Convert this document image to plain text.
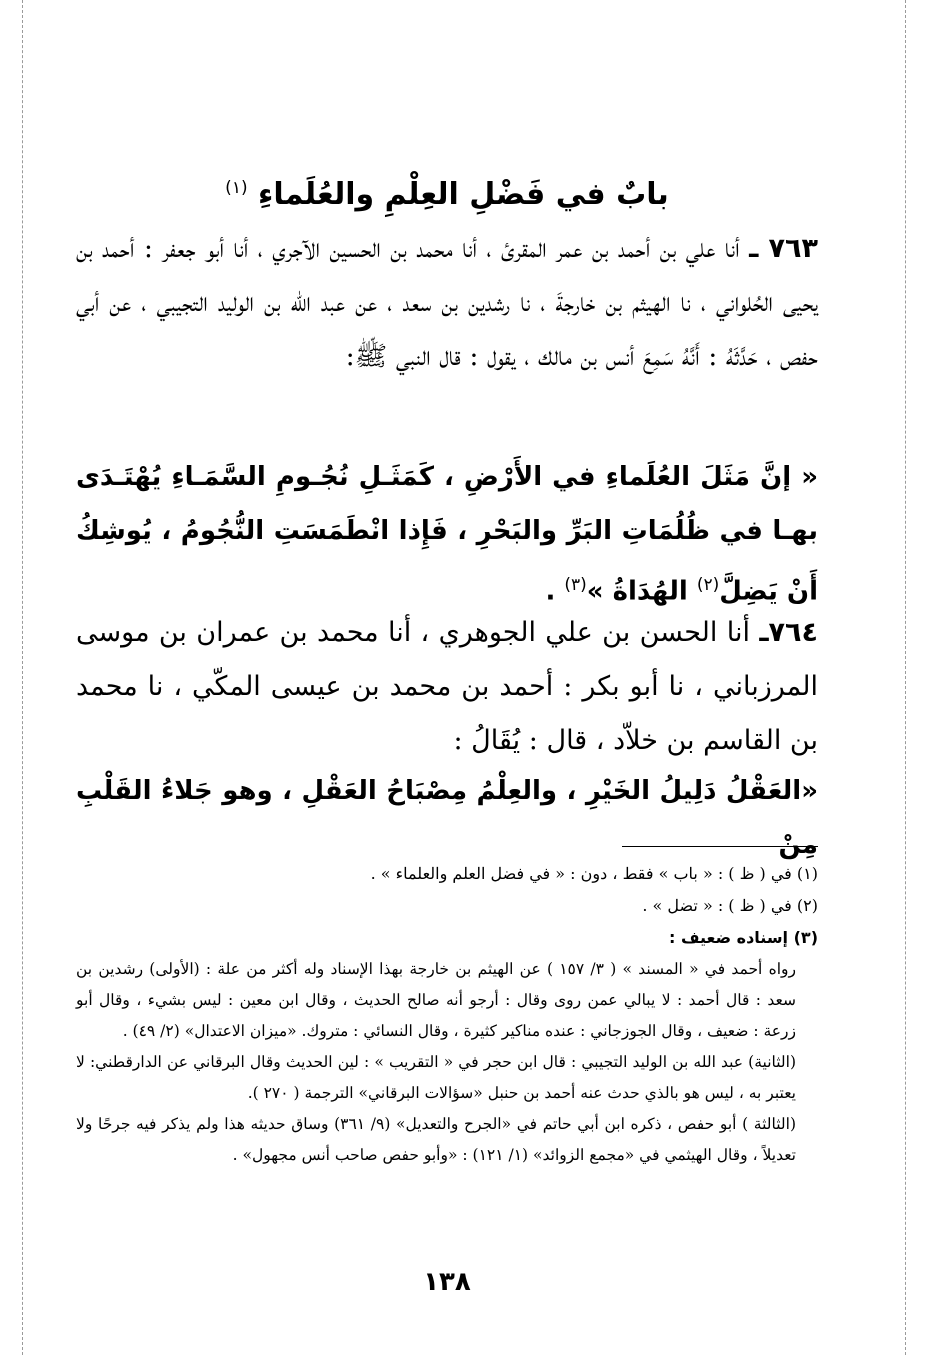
بابٌ في فَضْلِ العِلْمِ والعُلَماءِ $^{(١)}$
٧٦٣ ـ أنا علي بن أحمد بن عمر المقرئ ، أنا محمد بن الحسين الآجري ، أنا أبو جعفر : أحمد بن يحيى الحُلواني ، نا الهيثم بن خارجةَ ، نا رشدين بن سعد ، عن عبد الله بن الوليد التجيبي ، عن أبي حفص ، حَدَّثَهُ : أَنَّهُ سَمِعَ أنس بن مالك ، يقول : قال النبي ﷺ:
« إنَّ مَثَلَ العُلَماءِ في الأَرْضِ ، كَمَثَـلِ نُجُـومِ السَّمَـاءِ يُهْتَـدَى بهـا في ظُلُمَاتِ البَرِّ والبَحْرِ ، فَإِذا انْطَمَسَتِ النُّجُومُ ، يُوشِكُ أَنْ يَضِلَّ$^{(٢)}$ الهُدَاةُ »$^{(٣)}$ .
٧٦٤ـ أنا الحسن بن علي الجوهري ، أنا محمد بن عمران بن موسى المرزباني ، نا أبو بكر : أحمد بن محمد بن عيسى المكّي ، نا محمد بن القاسم بن خلاّد ، قال : يُقَالُ :
«العَقْلُ دَلِيلُ الخَيْرِ ، والعِلْمُ مِصْبَاحُ العَقْلِ ، وهو جَلاءُ القَلْبِ مِنْ
(١) في ( ظ ) : « باب » فقط ، دون : « في فضل العلم والعلماء » .
(٢) في ( ظ ) : « تضل » .
(٣) إسناده ضعيف :
رواه أحمد في « المسند » ( ٣/ ١٥٧ ) عن الهيثم بن خارجة بهذا الإسناد وله أكثر من علة : (الأولى) رشدين بن سعد : قال أحمد : لا يبالي عمن روى وقال : أرجو أنه صالح الحديث ، وقال ابن معين : ليس بشيء ، وقال أبو زرعة : ضعيف ، وقال الجوزجاني : عنده مناكير كثيرة ، وقال النسائي : متروك. «ميزان الاعتدال» (٢/ ٤٩) .
(الثانية) عبد الله بن الوليد التجيبي : قال ابن حجر في « التقريب » : لين الحديث وقال البرقاني عن الدارقطني: لا يعتبر به ، ليس هو بالذي حدث عنه أحمد بن حنبل «سؤالات البرقاني» الترجمة ( ٢٧٠ ).
(الثالثة ) أبو حفص ، ذكره ابن أبي حاتم في «الجرح والتعديل» (٩/ ٣٦١) وساق حديثه هذا ولم يذكر فيه جرحًا ولا تعديلاً ، وقال الهيثمي في «مجمع الزوائد» (١/ ١٢١) : «وأبو حفص صاحب أنس مجهول» .
١٣٨
